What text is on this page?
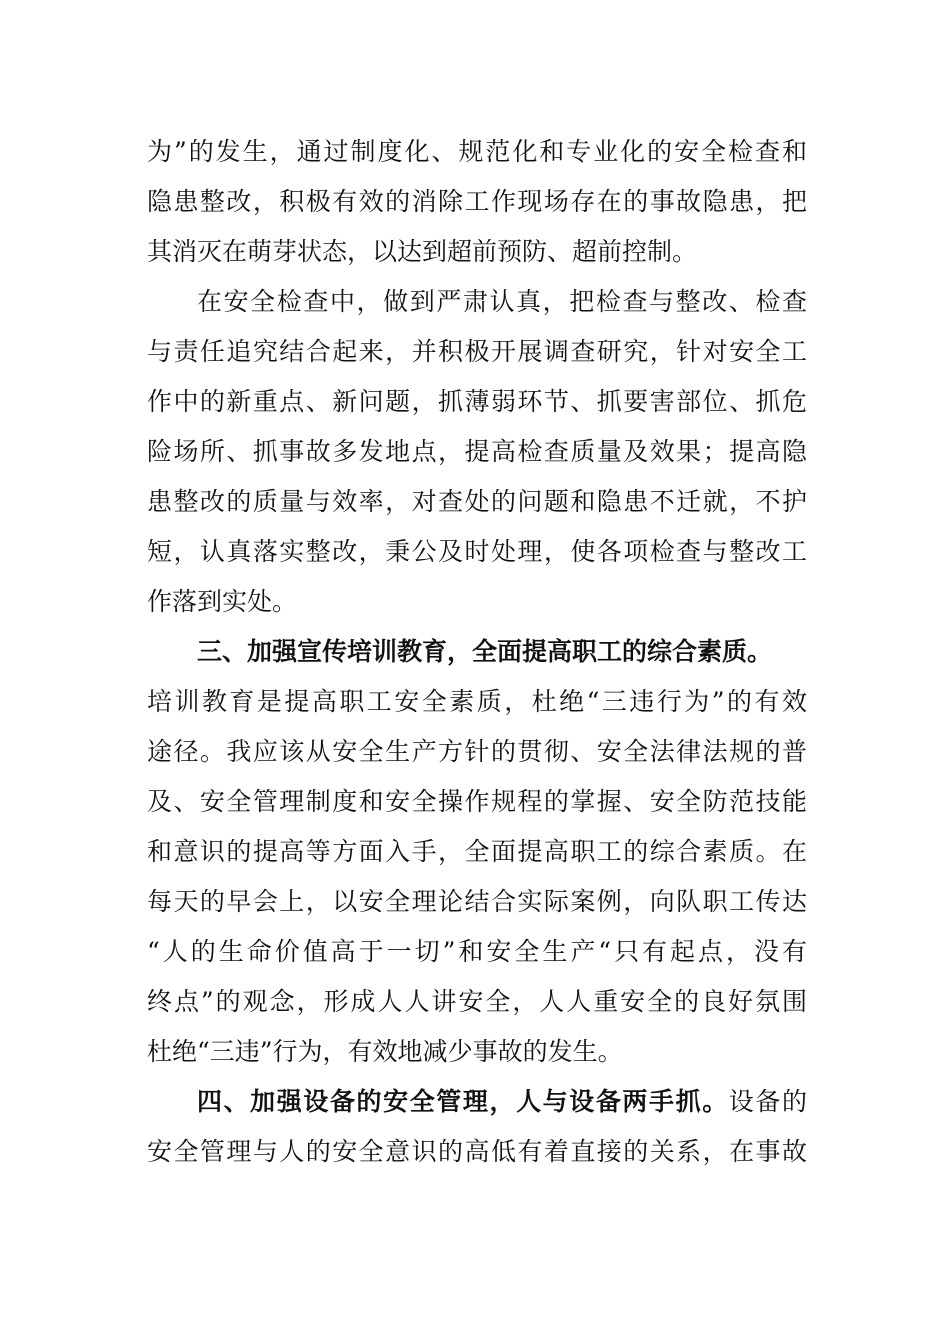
为”的发生，通过制度化、规范化和专业化的安全检查和
隐患整改，积极有效的消除工作现场存在的事故隐患，把
其消灭在萌芽状态，以达到超前预防、超前控制。
在安全检查中，做到严肃认真，把检查与整改、检查
与责任追究结合起来，并积极开展调查研究，针对安全工
作中的新重点、新问题，抓薄弱环节、抓要害部位、抓危
险场所、抓事故多发地点，提高检查质量及效果；提高隐
患整改的质量与效率，对查处的问题和隐患不迁就，不护
短，认真落实整改，秉公及时处理，使各项检查与整改工
作落到实处。
三、加强宣传培训教育，全面提高职工的综合素质。
培训教育是提高职工安全素质，杜绝“三违行为”的有效
途径。我应该从安全生产方针的贯彻、安全法律法规的普
及、安全管理制度和安全操作规程的掌握、安全防范技能
和意识的提高等方面入手，全面提高职工的综合素质。在
每天的早会上，以安全理论结合实际案例，向队职工传达
“人的生命价值高于一切”和安全生产“只有起点，没有
终点”的观念，形成人人讲安全，人人重安全的良好氛围
杜绝“三违”行为，有效地减少事故的发生。
四、加强设备的安全管理，人与设备两手抓。设备的
安全管理与人的安全意识的高低有着直接的关系，在事故
